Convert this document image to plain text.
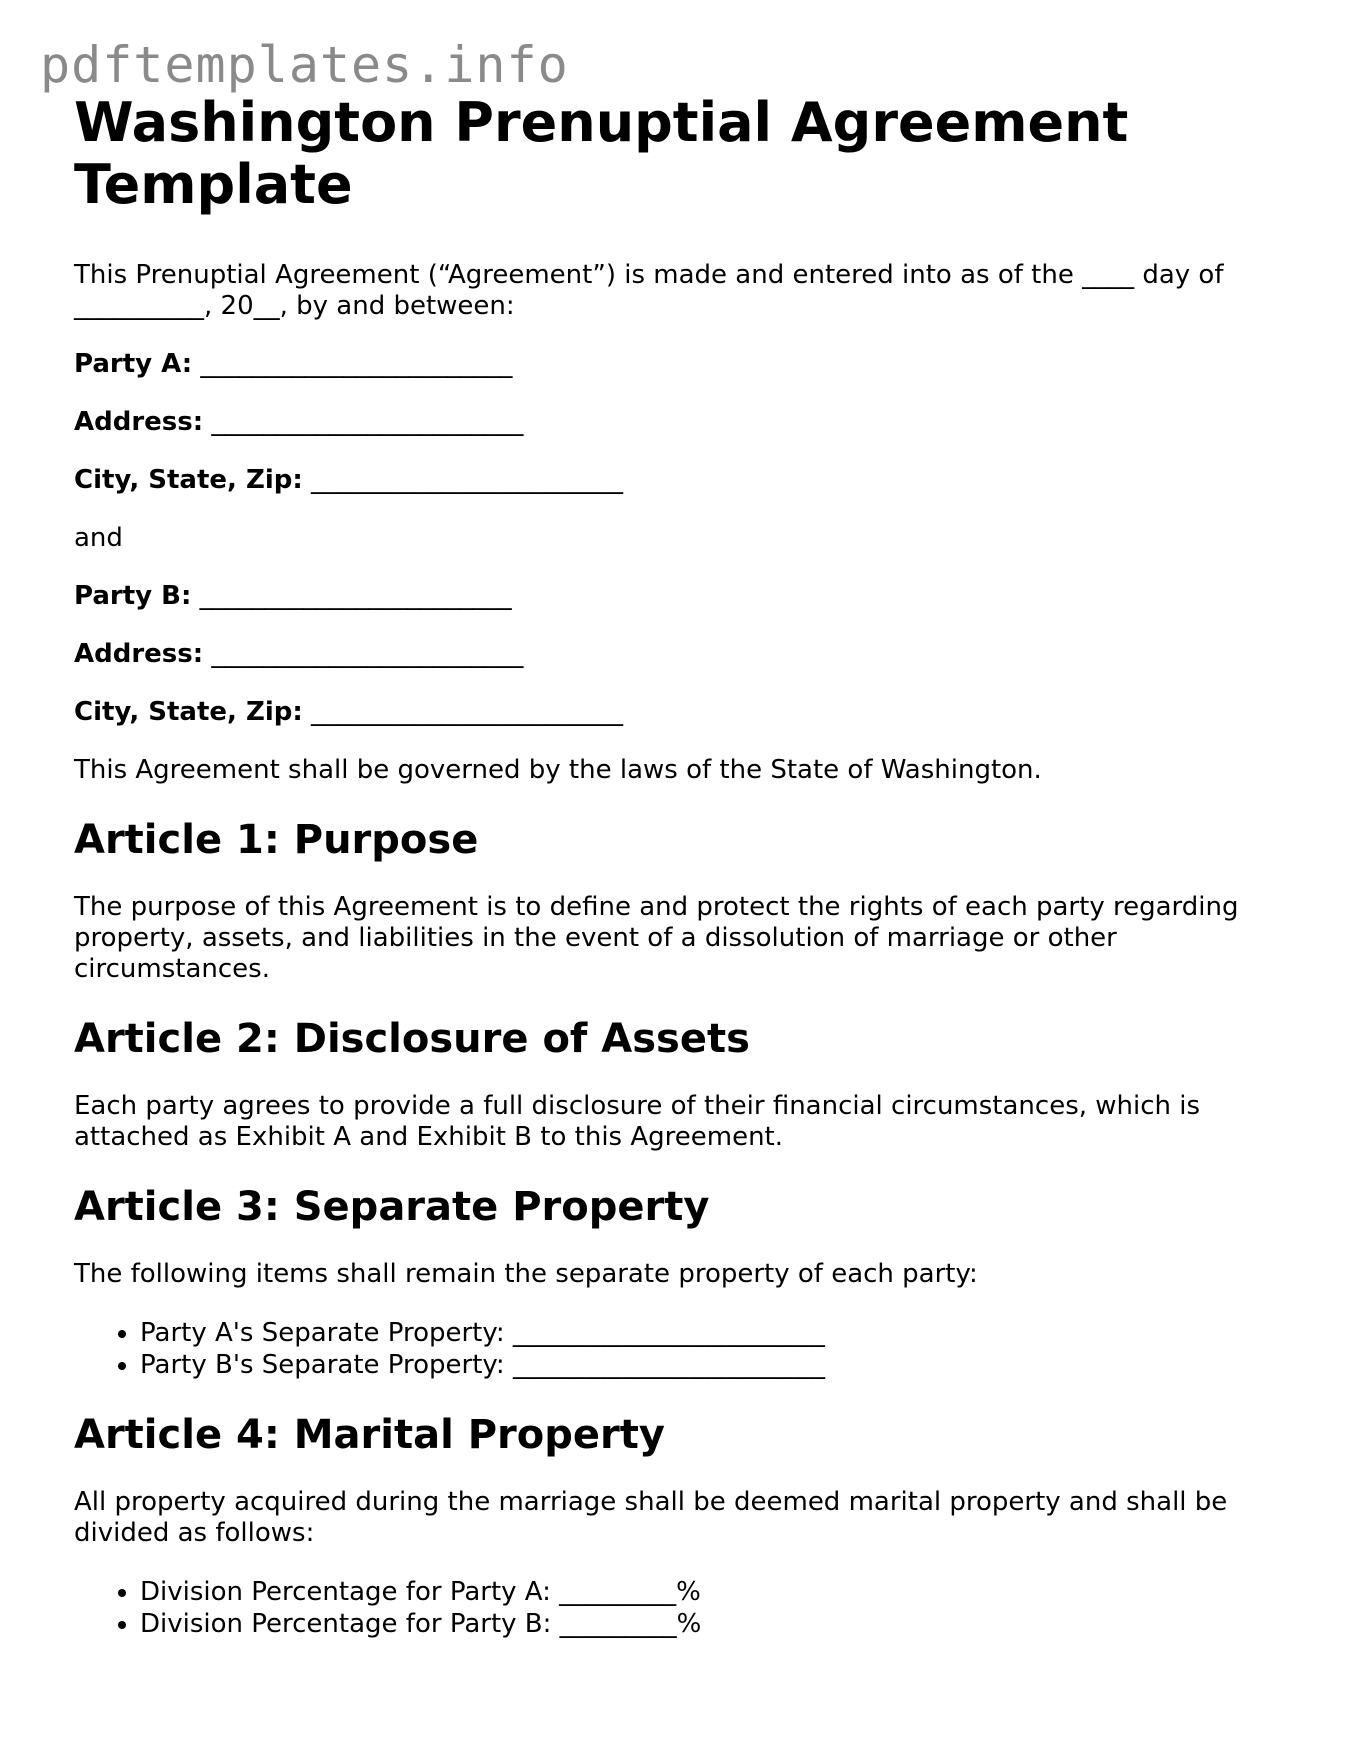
pdftemplates.info
Washington Prenuptial Agreement Template

This Prenuptial Agreement (“Agreement”) is made and entered into as of the ____ day of __________, 20__, by and between:

Party A: ________________________
Address: ________________________
City, State, Zip: ________________________
and
Party B: ________________________
Address: ________________________
City, State, Zip: ________________________

This Agreement shall be governed by the laws of the State of Washington.

Article 1: Purpose

The purpose of this Agreement is to define and protect the rights of each party regarding property, assets, and liabilities in the event of a dissolution of marriage or other circumstances.

Article 2: Disclosure of Assets

Each party agrees to provide a full disclosure of their financial circumstances, which is attached as Exhibit A and Exhibit B to this Agreement.

Article 3: Separate Property

The following items shall remain the separate property of each party:

• Party A's Separate Property: ________________________
• Party B's Separate Property: ________________________
Article 4: Marital Property

All property acquired during the marriage shall be deemed marital property and shall be divided as follows:

• Division Percentage for Party A: _________%
• Division Percentage for Party B: _________%
